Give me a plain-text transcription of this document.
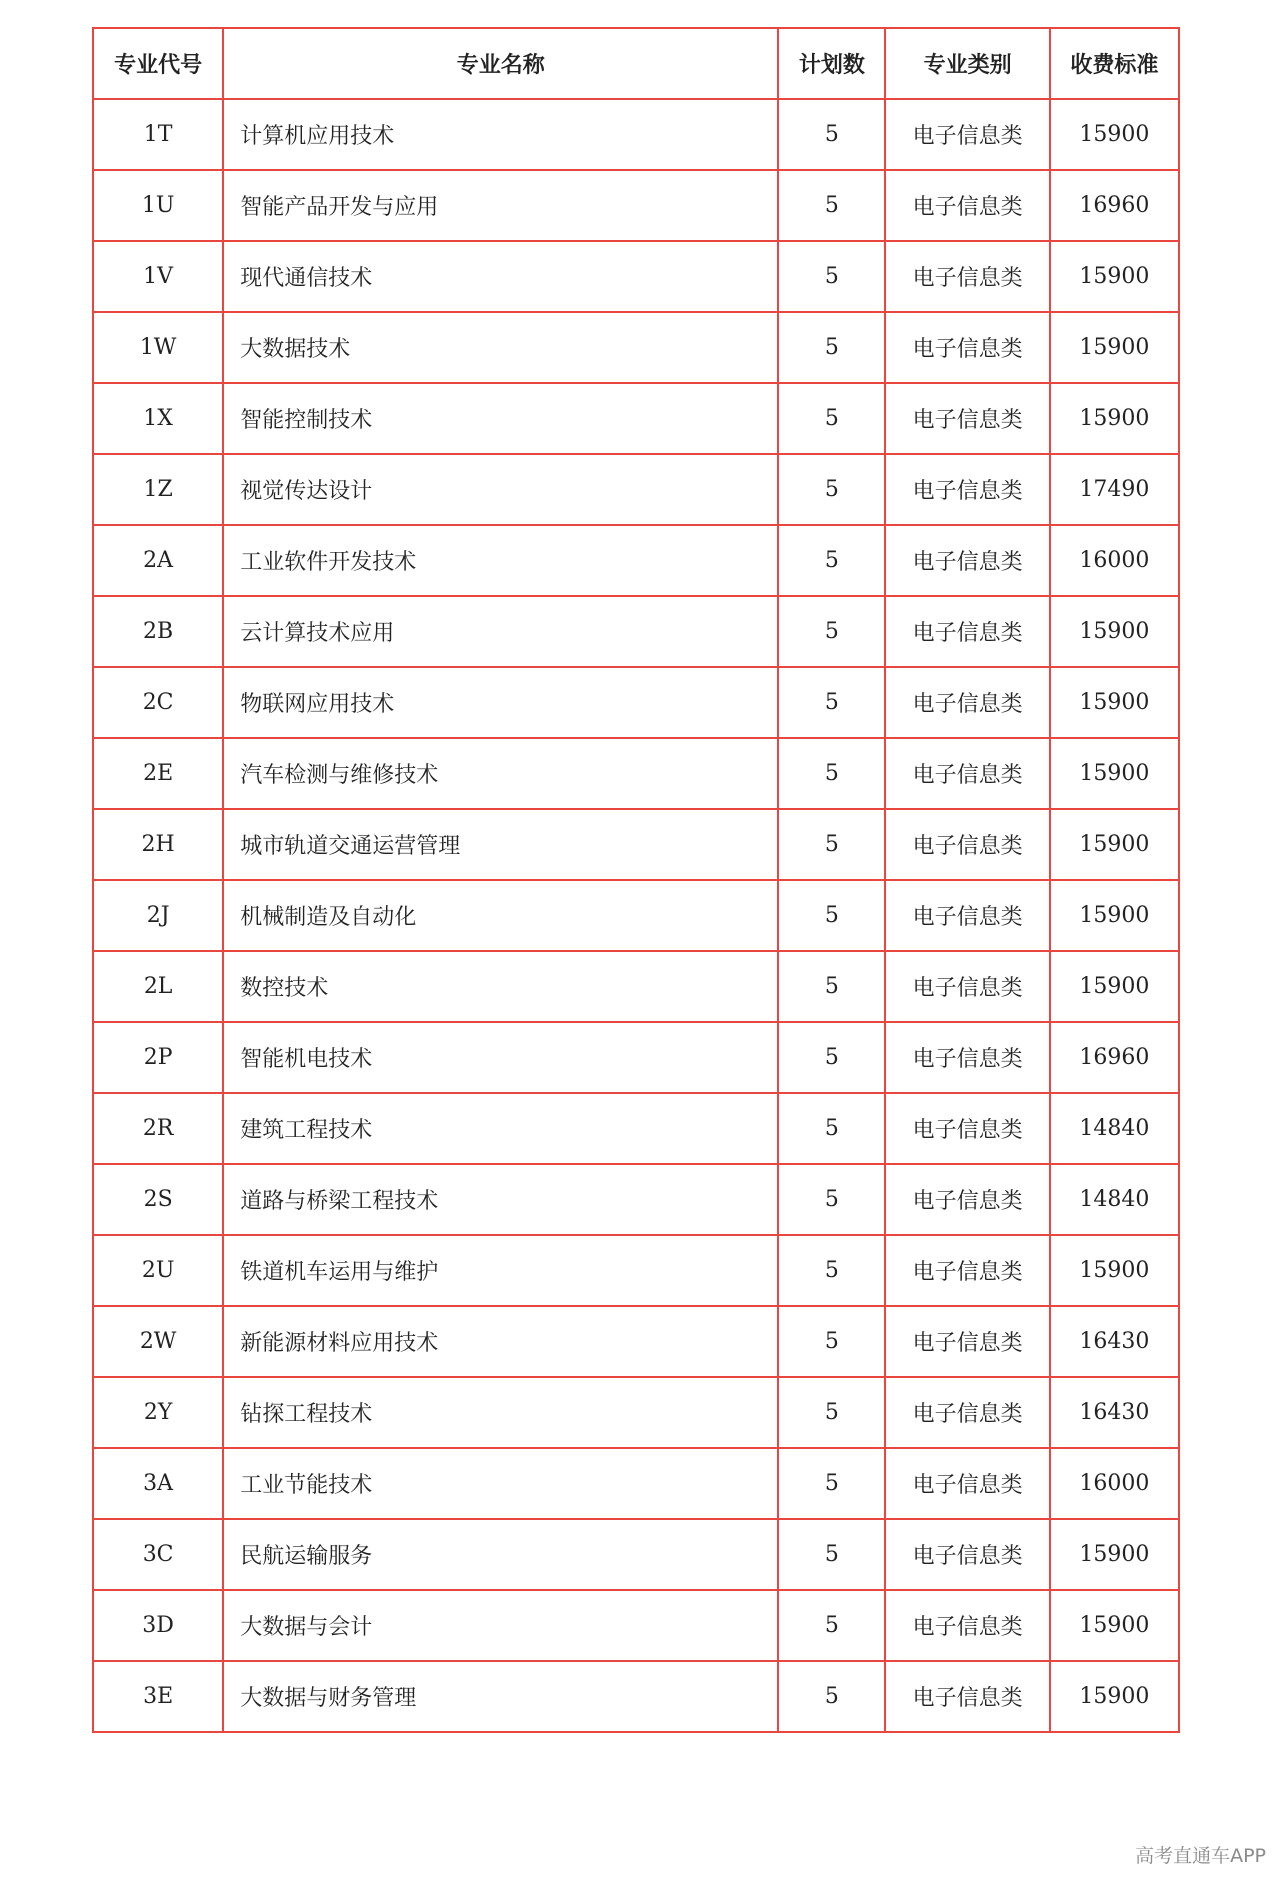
专业代号	专业名称	计划数	专业类别	收费标准
1T	计算机应用技术	5	电子信息类	15900
1U	智能产品开发与应用	5	电子信息类	16960
1V	现代通信技术	5	电子信息类	15900
1W	大数据技术	5	电子信息类	15900
1X	智能控制技术	5	电子信息类	15900
1Z	视觉传达设计	5	电子信息类	17490
2A	工业软件开发技术	5	电子信息类	16000
2B	云计算技术应用	5	电子信息类	15900
2C	物联网应用技术	5	电子信息类	15900
2E	汽车检测与维修技术	5	电子信息类	15900
2H	城市轨道交通运营管理	5	电子信息类	15900
2J	机械制造及自动化	5	电子信息类	15900
2L	数控技术	5	电子信息类	15900
2P	智能机电技术	5	电子信息类	16960
2R	建筑工程技术	5	电子信息类	14840
2S	道路与桥梁工程技术	5	电子信息类	14840
2U	铁道机车运用与维护	5	电子信息类	15900
2W	新能源材料应用技术	5	电子信息类	16430
2Y	钻探工程技术	5	电子信息类	16430
3A	工业节能技术	5	电子信息类	16000
3C	民航运输服务	5	电子信息类	15900
3D	大数据与会计	5	电子信息类	15900
3E	大数据与财务管理	5	电子信息类	15900
高考直通车APP
